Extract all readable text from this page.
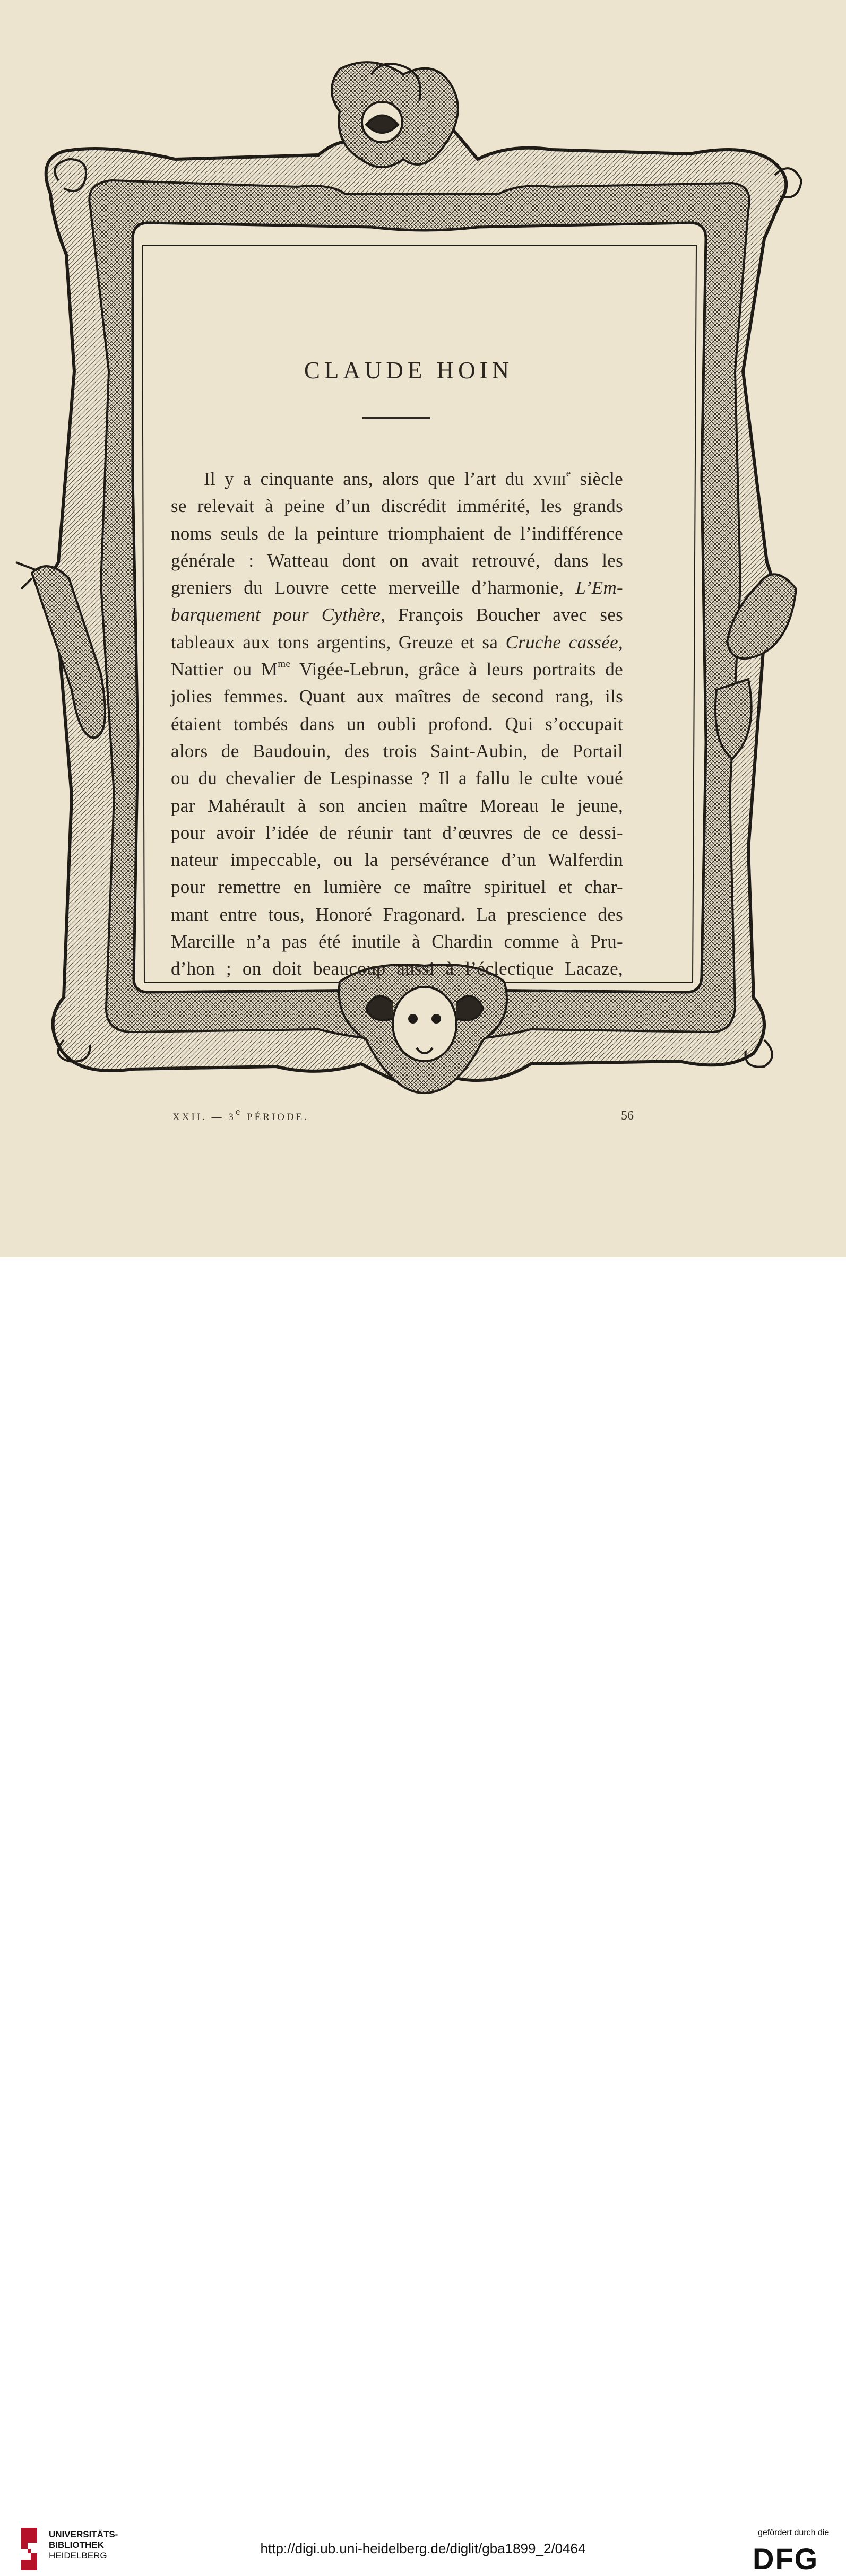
CLAUDE HOIN
Il y a cinquante ans, alors que l’art du xviii$^e$ siècle
se relevait à peine d’un discrédit immérité, les grands
noms seuls de la peinture triomphaient de l’indifférence
générale : Watteau dont on avait retrouvé, dans les
greniers du Louvre cette merveille d’harmonie, L’Em-
barquement pour Cythère, François Boucher avec ses
tableaux aux tons argentins, Greuze et sa Cruche cassée,
Nattier ou $M^{me}$ Vigée-Lebrun, grâce à leurs portraits de
jolies femmes. Quant aux maîtres de second rang, ils
étaient tombés dans un oubli profond. Qui s’occupait
alors de Baudouin, des trois Saint-Aubin, de Portail
ou du chevalier de Lespinasse ? Il a fallu le culte voué
par Mahérault à son ancien maître Moreau le jeune,
pour avoir l’idée de réunir tant d’œuvres de ce dessi-
nateur impeccable, ou la persévérance d’un Walferdin
pour remettre en lumière ce maître spirituel et char-
mant entre tous, Honoré Fragonard. La prescience des
Marcille n’a pas été inutile à Chardin comme à Pru-
d’hon ; on doit beaucoup aussi à l’éclectique Lacaze,
XXII. — 3e PÉRIODE.	56
UNIVERSITÄTS-
BIBLIOTHEK
HEIDELBERG	http://digi.ub.uni-heidelberg.de/diglit/gba1899_2/0464
gefördert durch die
DFG
